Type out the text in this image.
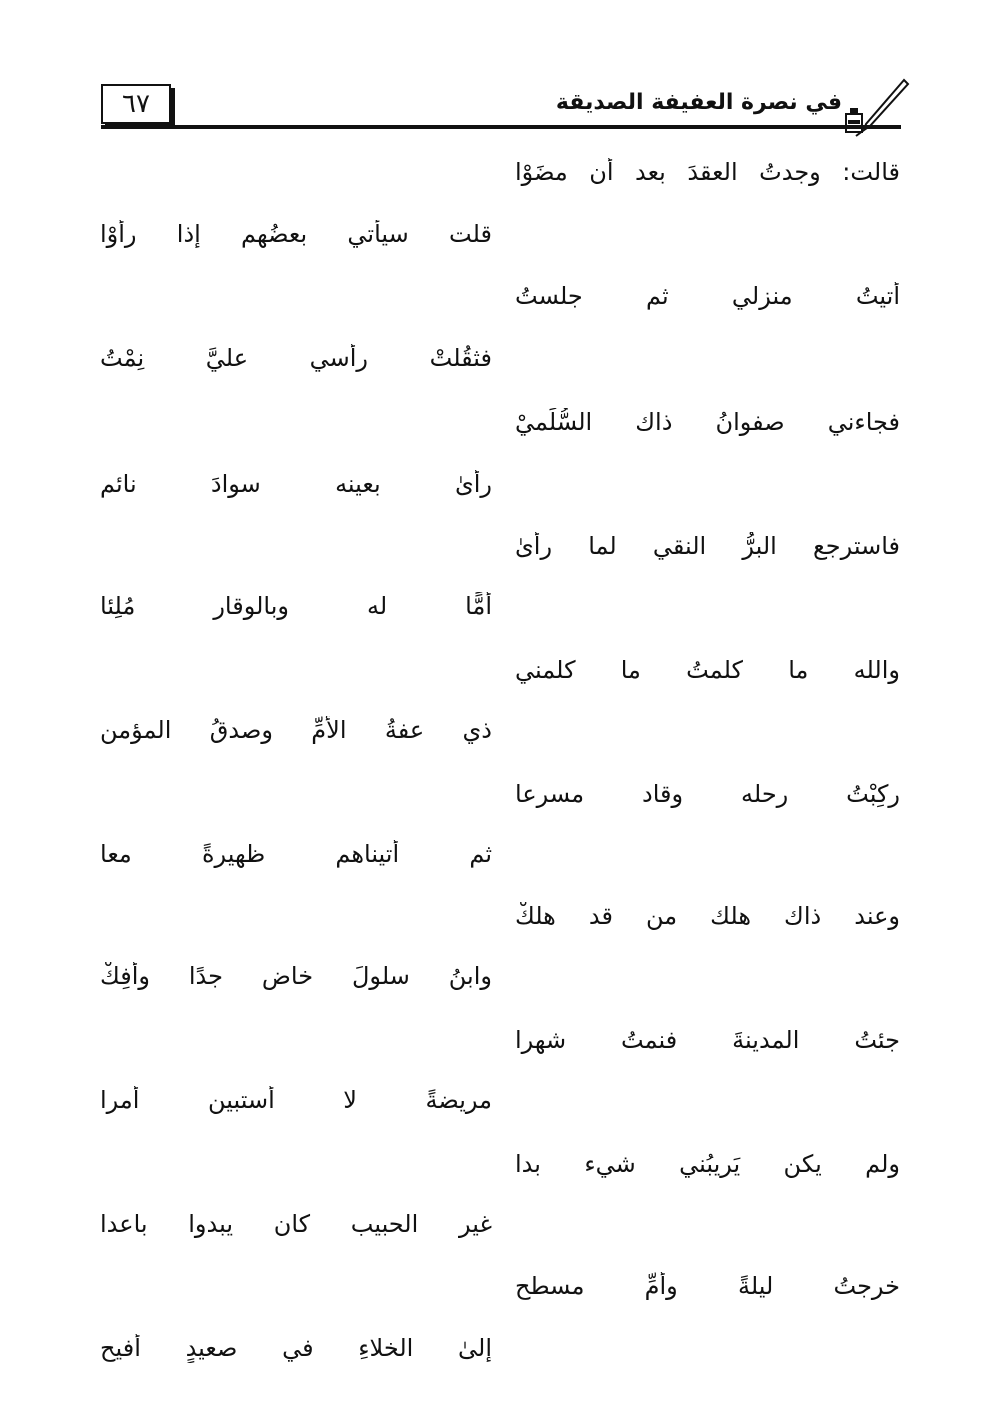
٦٧	في نصرة العفيفة الصديقة
قالت: وجدتُ العقدَ بعد أن مضَوْا
قلت سيأتي بعضُهم إذا رأَوْا
أتيتُ منزلي ثم جلستُ
فثقُلتْ رأسي عليَّ نِمْتُ
فجاءني صفوانُ ذاك السُّلَميْ
رأىٰ بعينه سوادَ نائمِ
فاسترجع البرُّ النقي لما رأىٰ
أُمًّا له وبالوقار مُلِئا
والله ما كلمتُ ما كلمني
ذي عفةُ الأمِّ وصدقُ المؤمنِ
ركِبْتُ رحله وقاد مسرعا
ثم أتيناهم ظهيرةً معا
وعند ذاك هلك من قد هلكْ
وابنُ سلولَ خاض جدًا وأفِكْ
جئتُ المدينةَ فنمتُ شهرا
مريضةً لا أستبين أمرا
ولم يكن يَريبُني شيء بدا
غير الحبيب كان يبدوا باعدا
خرجتُ ليلةً وأمِّ مسطحِ
إلىٰ الخلاءِ في صعيدٍ أفيحِ
